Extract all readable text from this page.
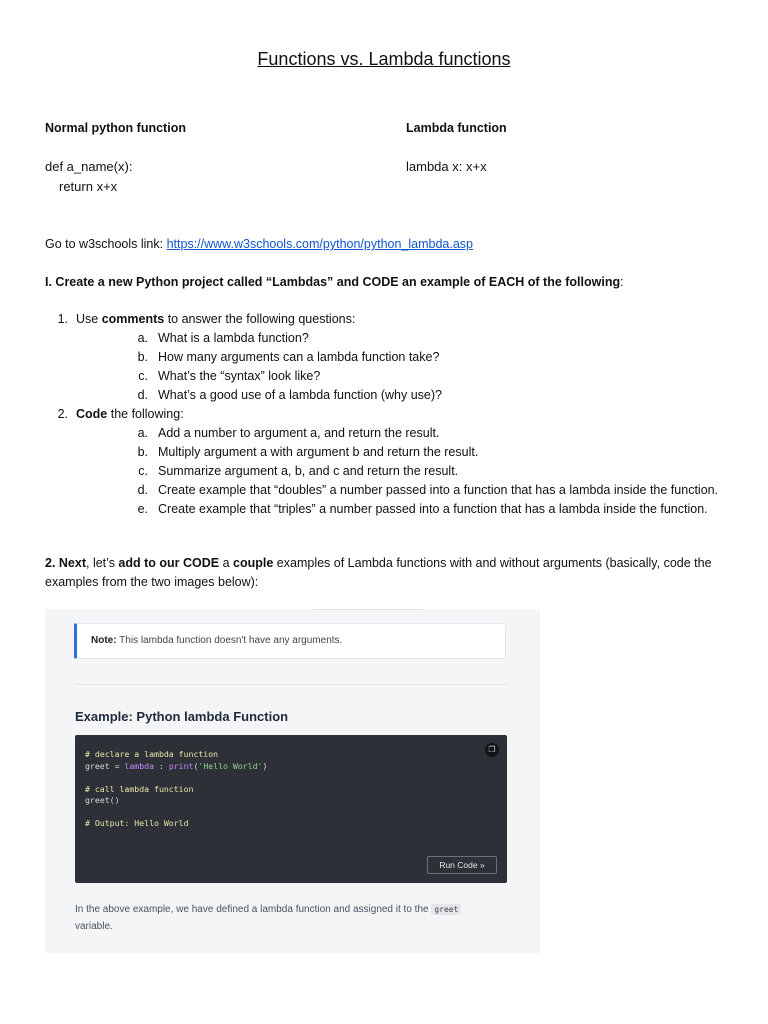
Functions vs. Lambda functions
Normal python function	Lambda function
def a_name(x):
return x+x
lambda x: x+x
Go to w3schools link: https://www.w3schools.com/python/python_lambda.asp
I. Create a new Python project called “Lambdas” and CODE an example of EACH of the following:
1. Use comments to answer the following questions:
a. What is a lambda function?
b. How many arguments can a lambda function take?
c. What’s the “syntax” look like?
d. What’s a good use of a lambda function (why use)?
2. Code the following:
a. Add a number to argument a, and return the result.
b. Multiply argument a with argument b and return the result.
c. Summarize argument a, b, and c and return the result.
d. Create example that “doubles” a number passed into a function that has a lambda inside the function.
e. Create example that “triples” a number passed into a function that has a lambda inside the function.
2. Next, let’s add to our CODE a couple examples of Lambda functions with and without arguments (basically, code the examples from the two images below):
Note: This lambda function doesn't have any arguments.
Example: Python lambda Function
# declare a lambda function
greet = lambda : print('Hello World')

# call lambda function
greet()

# Output: Hello World
❐
Run Code »
In the above example, we have defined a lambda function and assigned it to the greet
variable.
